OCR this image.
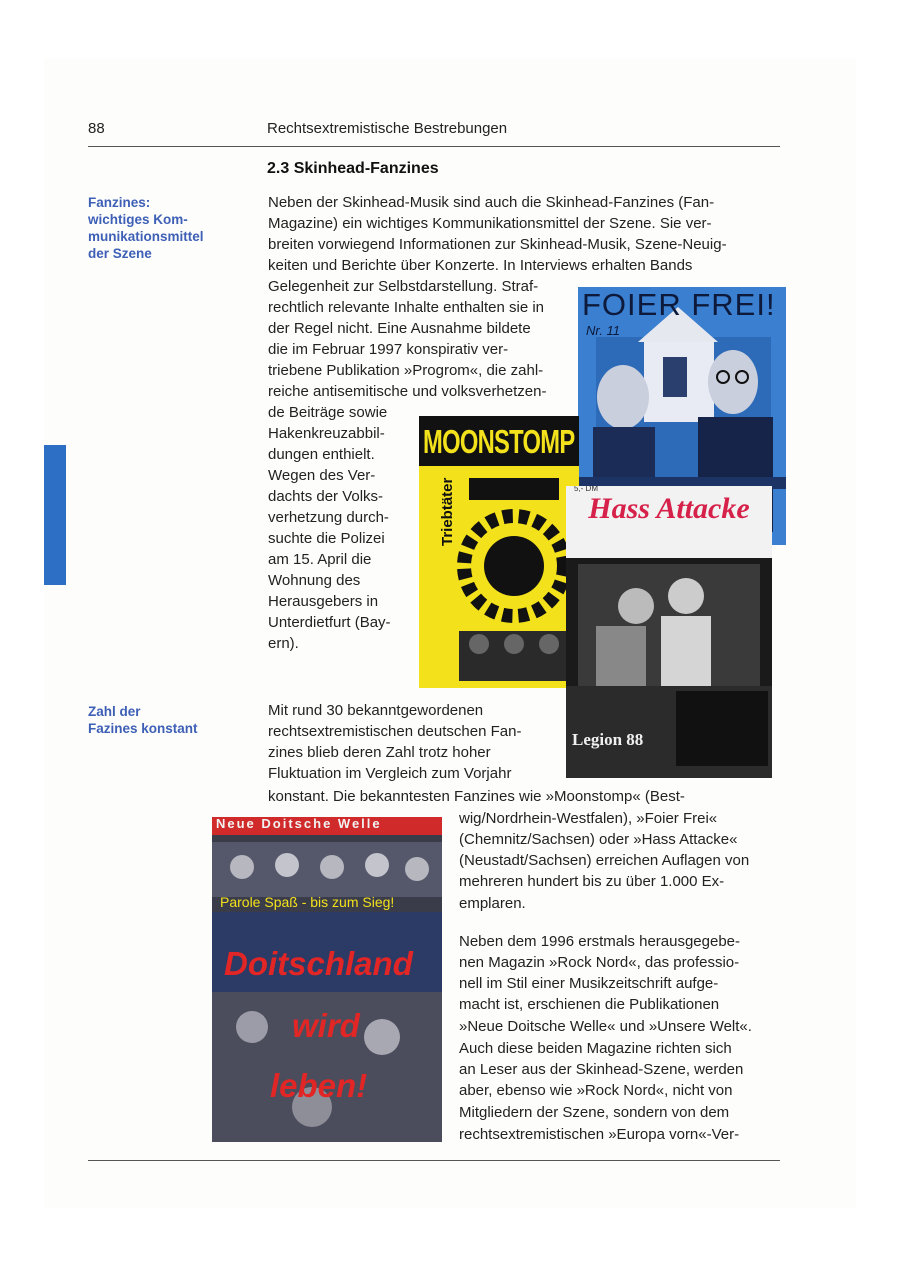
88	Rechtsextremistische Bestrebungen
2.3 Skinhead-Fanzines
Fanzines:
wichtiges Kom-
munikationsmittel
der Szene
Zahl der
Fazines konstant
Neben der Skinhead-Musik sind auch die Skinhead-Fanzines (Fan-
Magazine) ein wichtiges Kommunikationsmittel der Szene. Sie ver-
breiten vorwiegend Informationen zur Skinhead-Musik, Szene-Neuig-
keiten und Berichte über Konzerte. In Interviews erhalten Bands
Gelegenheit zur Selbstdarstellung. Straf-
rechtlich relevante Inhalte enthalten sie in
der Regel nicht. Eine Ausnahme bildete
die im Februar 1997 konspirativ ver-
triebene Publikation »Progrom«, die zahl-
reiche antisemitische und volksverhetzen-
de Beiträge sowie
Hakenkreuzabbil-
dungen enthielt.
Wegen des Ver-
dachts der Volks-
verhetzung durch-
suchte die Polizei
am 15. April die
Wohnung des
Herausgebers in
Unterdietfurt (Bay-
ern).
Mit rund 30 bekanntgewordenen
rechtsextremistischen deutschen Fan-
zines blieb deren Zahl trotz hoher
Fluktuation im Vergleich zum Vorjahr
konstant. Die bekanntesten Fanzines wie »Moonstomp« (Best-
wig/Nordrhein-Westfalen), »Foier Frei«
(Chemnitz/Sachsen) oder »Hass Attacke«
(Neustadt/Sachsen) erreichen Auflagen von
mehreren hundert bis zu über 1.000 Ex-
emplaren.
Neben dem 1996 erstmals herausgegebe-
nen Magazin »Rock Nord«, das professio-
nell im Stil einer Musikzeitschrift aufge-
macht ist, erschienen die Publikationen
»Neue Doitsche Welle« und »Unsere Welt«.
Auch diese beiden Magazine richten sich
an Leser aus der Skinhead-Szene, werden
aber, ebenso wie »Rock Nord«, nicht von
Mitgliedern der Szene, sondern von dem
rechtsextremistischen »Europa vorn«-Ver-
FOIER FREI!
Nr. 11
MOONSTOMP
Triebtäter	Hass Attacke
Legion 88
5,- DM
Neue Doitsche Welle
Parole Spaß - bis zum Sieg!
Doitschland
wird
leben!
